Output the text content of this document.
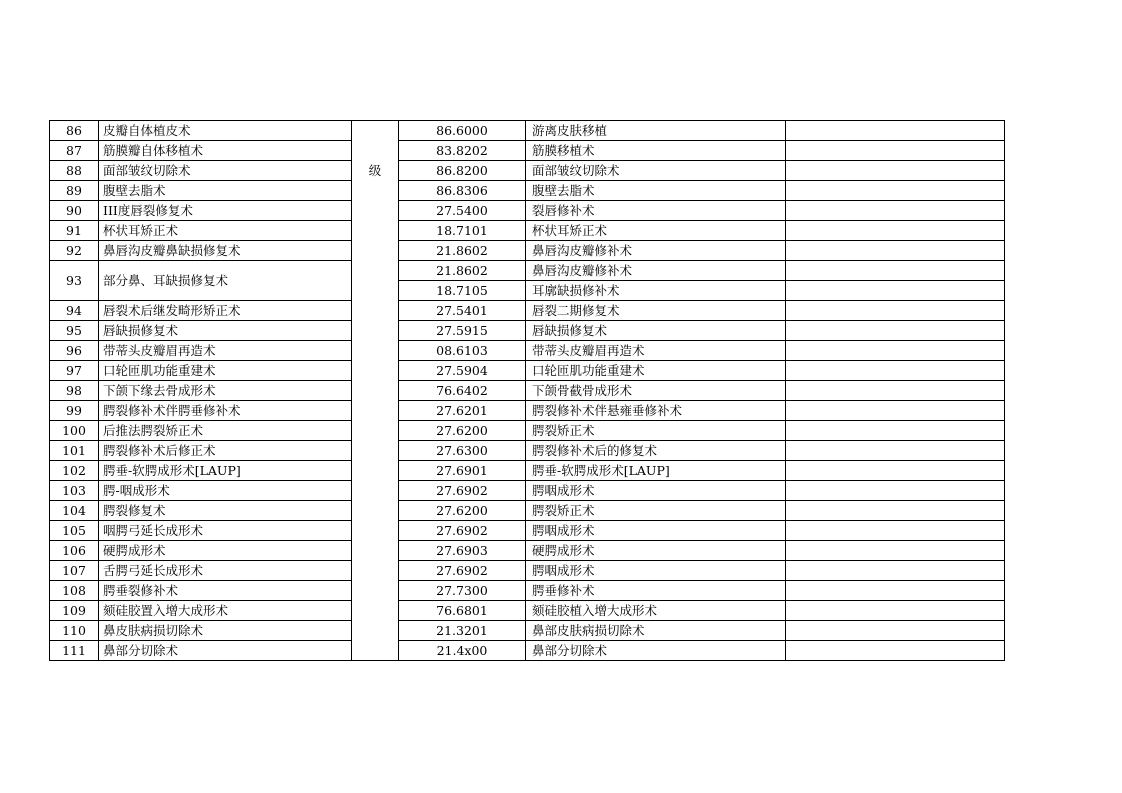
86	皮瓣自体植皮术	级	86.6000	游离皮肤移植	
87	筋膜瓣自体移植术		83.8202	筋膜移植术	
88	面部皱纹切除术		86.8200	面部皱纹切除术	
89	腹壁去脂术		86.8306	腹壁去脂术	
90	III度唇裂修复术		27.5400	裂唇修补术	
91	杯状耳矫正术		18.7101	杯状耳矫正术	
92	鼻唇沟皮瓣鼻缺损修复术		21.8602	鼻唇沟皮瓣修补术	
93	部分鼻、耳缺损修复术		21.8602	鼻唇沟皮瓣修补术	
			18.7105	耳廓缺损修补术	
94	唇裂术后继发畸形矫正术		27.5401	唇裂二期修复术	
95	唇缺损修复术		27.5915	唇缺损修复术	
96	带蒂头皮瓣眉再造术		08.6103	带蒂头皮瓣眉再造术	
97	口轮匝肌功能重建术		27.5904	口轮匝肌功能重建术	
98	下颌下缘去骨成形术		76.6402	下颌骨截骨成形术	
99	腭裂修补术伴腭垂修补术		27.6201	腭裂修补术伴悬雍垂修补术	
100	后推法腭裂矫正术		27.6200	腭裂矫正术	
101	腭裂修补术后修正术		27.6300	腭裂修补术后的修复术	
102	腭垂-软腭成形术[LAUP]		27.6901	腭垂-软腭成形术[LAUP]	
103	腭-咽成形术		27.6902	腭咽成形术	
104	腭裂修复术		27.6200	腭裂矫正术	
105	咽腭弓延长成形术		27.6902	腭咽成形术	
106	硬腭成形术		27.6903	硬腭成形术	
107	舌腭弓延长成形术		27.6902	腭咽成形术	
108	腭垂裂修补术		27.7300	腭垂修补术	
109	颏硅胶置入增大成形术		76.6801	颏硅胶植入增大成形术	
110	鼻皮肤病损切除术		21.3201	鼻部皮肤病损切除术	
111	鼻部分切除术		21.4x00	鼻部分切除术	
